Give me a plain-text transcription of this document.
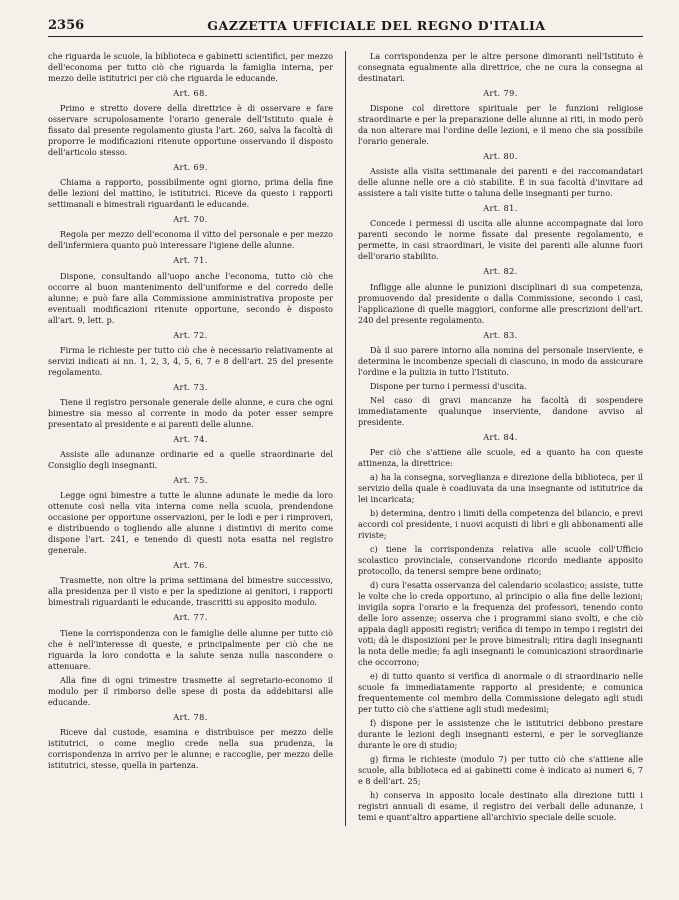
2356	GAZZETTA UFFICIALE DEL REGNO D'ITALIA

che riguarda le scuole, la biblioteca e gabinetti scientifici, per mezzo dell'economa per tutto ciò che riguarda la famiglia interna, per mezzo delle istitutrici per ciò che riguarda le educande.

Art. 68.

Primo e stretto dovere della direttrice è di osservare e fare osservare scrupolosamente l'orario generale dell'Istituto quale è fissato dal presente regolamento giusta l'art. 260, salva la facoltà di proporre le modificazioni ritenute opportune osservando il disposto dell'articolo stesso.

Art. 69.

Chiama a rapporto, possibilmente ogni giorno, prima della fine delle lezioni del mattino, le istitutrici. Riceve da questo i rapporti settimanali e bimestrali riguardanti le educande.

Art. 70.

Regola per mezzo dell'economa il vitto del personale e per mezzo dell'infermiera quanto può interessare l'igiene delle alunne.

Art. 71.

Dispone, consultando all'uopo anche l'economa, tutto ciò che occorre al buon mantenimento dell'uniforme e del corredo delle alunne; e può fare alla Commissione amministrativa proposte per eventuali modificazioni ritenute opportune, secondo è disposto all'art. 9, lett. p.

Art. 72.

Firma le richieste per tutto ciò che è necessario relativamente ai servizi indicati ai nn. 1, 2, 3, 4, 5, 6, 7 e 8 dell'art. 25 del presente regolamento.

Art. 73.

Tiene il registro personale generale delle alunne, e cura che ogni bimestre sia messo al corrente in modo da poter esser sempre presentato al presidente e ai parenti delle alunne.

Art. 74.

Assiste alle adunanze ordinarie ed a quelle straordinarie del Consiglio degli insegnanti.

Art. 75.

Legge ogni bimestre a tutte le alunne adunate le medie da loro ottenute così nella vita interna come nella scuola, prendendone occasione per opportune osservazioni, per le lodi e per i rimproveri, e distribuendo o togliendo alle alunne i distintivi di merito come dispone l'art. 241, e tenendo di questi nota esatta nel registro generale.

Art. 76.

Trasmette, non oltre la prima settimana del bimestre successivo, alla presidenza per il visto e per la spedizione ai genitori, i rapporti bimestrali riguardanti le educande, trascritti su apposito modulo.

Art. 77.

Tiene la corrispondenza con le famiglie delle alunne per tutto ciò che è nell'interesse di queste, e principalmente per ciò che ne riguarda la loro condotta e la salute senza nulla nascondere o attenuare.

Alla fine di ogni trimestre trasmette al segretario-economo il modulo per il rimborso delle spese di posta da addebitarsi alle educande.

Art. 78.

Riceve dal custode, esamina e distribuisce per mezzo delle istitutrici, o come meglio crede nella sua prudenza, la corrispondenza in arrivo per le alunne; e raccoglie, per mezzo delle istitutrici, stesse, quella in partenza.

La corrispondenza per le altre persone dimoranti nell'Istituto è consegnata egualmente alla direttrice, che ne cura la consegna ai destinatari.

Art. 79.

Dispone col direttore spirituale per le funzioni religiose straordinarie e per la preparazione delle alunne ai riti, in modo però da non alterare mai l'ordine delle lezioni, e il meno che sia possibile l'orario generale.

Art. 80.

Assiste alla visita settimanale dei parenti e dei raccomandatari delle alunne nelle ore a ciò stabilite. È in sua facoltà d'invitare ad assistere a tali visite tutte o taluna delle insegnanti per turno.

Art. 81.

Concede i permessi di uscita alle alunne accompagnate dai loro parenti secondo le norme fissate dal presente regolamento, e permette, in casi straordinari, le visite dei parenti alle alunne fuori dell'orario stabilito.

Art. 82.

Infligge alle alunne le punizioni disciplinari di sua competenza, promuovendo dal presidente o dalla Commissione, secondo i casi, l'applicazione di quelle maggiori, conforme alle prescrizioni dell'art. 240 del presente regolamento.

Art. 83.

Dà il suo parere intorno alla nomina del personale inserviente, e determina le incombenze speciali di ciascuno, in modo da assicurare l'ordine e la pulizia in tutto l'Istituto.

Dispone per turno i permessi d'uscita.

Nel caso di gravi mancanze ha facoltà di sospendere immediatamente qualunque inserviente, dandone avviso al presidente.

Art. 84.

Per ciò che s'attiene alle scuole, ed a quanto ha con queste attinenza, la direttrice:

a) ha la consegna, sorveglianza e direzione della biblioteca, per il servizio della quale è coadiuvata da una insegnante od istitutrice da lei incaricata;

b) determina, dentro i limiti della competenza del bilancio, e previ accordi col presidente, i nuovi acquisti di libri e gli abbonamenti alle riviste;

c) tiene la corrispondenza relativa alle scuole coll'Ufficio scolastico provinciale, conservandone ricordo mediante apposito protocollo, da tenersi sempre bene ordinato;

d) cura l'esatta osservanza del calendario scolastico; assiste, tutte le volte che lo creda opportuno, al principio o alla fine delle lezioni; invigila sopra l'orario e la frequenza dei professori, tenendo conto delle loro assenze; osserva che i programmi siano svolti, e che ciò appaia dagli appositi registri; verifica di tempo in tempo i registri dei voti; dà le disposizioni per le prove bimestrali; ritira dagli insegnanti la nota delle medie; fa agli insegnanti le comunicazioni straordinarie che occorrono;

e) di tutto quanto si verifica di anormale o di straordinario nelle scuole fa immediatamente rapporto al presidente; e comunica frequentemente col membro della Commissione delegato agli studi per tutto ciò che s'attiene agli studi medesimi;

f) dispone per le assistenze che le istitutrici debbono prestare durante le lezioni degli insegnanti esterni, e per le sorveglianze durante le ore di studio;

g) firma le richieste (modulo 7) per tutto ciò che s'attiene alle scuole, alla biblioteca ed ai gabinetti come è indicato ai numeri 6, 7 e 8 dell'art. 25;

h) conserva in apposito locale destinato alla direzione tutti i registri annuali di esame, il registro dei verbali delle adunanze, i temi e quant'altro appartiene all'archivio speciale delle scuole.
